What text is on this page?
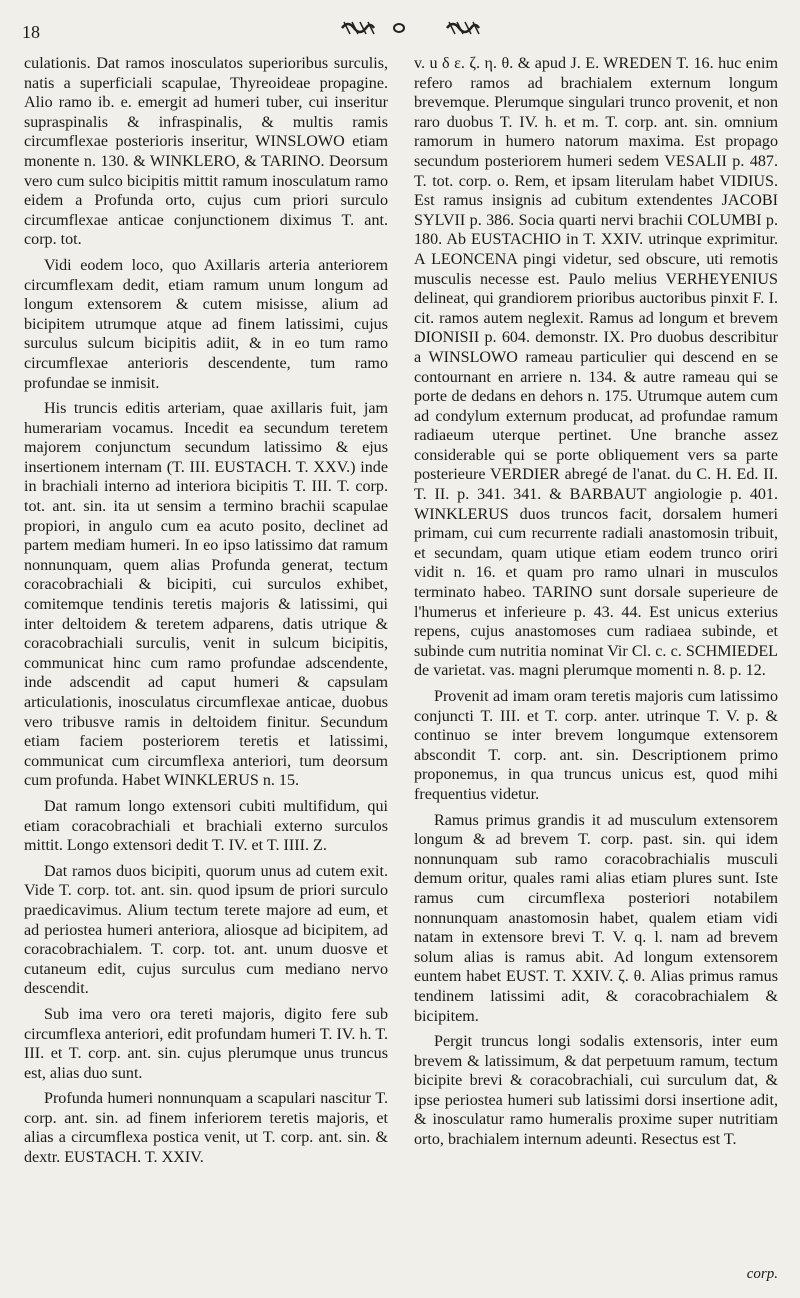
18

culationis. Dat ramos inosculatos superioribus surculis, natis a superficiali scapulae, Thyreoideae propagine. Alio ramo ib. e. emergit ad humeri tuber, cui inseritur supraspinalis & infraspinalis, & multis ramis circumflexae posterioris inseritur, WINSLOWO etiam monente n. 130. & WINKLERO, & TARINO. Deorsum vero cum sulco bicipitis mittit ramum inosculatum ramo eidem a Profunda orto, cujus cum priori surculo circumflexae anticae conjunctionem diximus T. ant. corp. tot.

Vidi eodem loco, quo Axillaris arteria anteriorem circumflexam dedit, etiam ramum unum longum ad longum extensorem & cutem misisse, alium ad bicipitem utrumque atque ad finem latissimi, cujus surculus sulcum bicipitis adiit, & in eo tum ramo circumflexae anterioris descendente, tum ramo profundae se inmisit.

His truncis editis arteriam, quae axillaris fuit, jam humerariam vocamus. Incedit ea secundum teretem majorem conjunctum secundum latissimo & ejus insertionem internam (T. III. EUSTACH. T. XXV.) inde in brachiali interno ad interiora bicipitis T. III. T. corp. tot. ant. sin. ita ut sensim a termino brachii scapulae propiori, in angulo cum ea acuto posito, declinet ad partem mediam humeri. In eo ipso latissimo dat ramum nonnunquam, quem alias Profunda generat, tectum coracobrachiali & bicipiti, cui surculos exhibet, comitemque tendinis teretis majoris & latissimi, qui inter deltoidem & teretem adparens, datis utrique & coracobrachiali surculis, venit in sulcum bicipitis, communicat hinc cum ramo profundae adscendente, inde adscendit ad caput humeri & capsulam articulationis, inosculatus circumflexae anticae, duobus vero tribusve ramis in deltoidem finitur. Secundum etiam faciem posteriorem teretis et latissimi, communicat cum circumflexa anteriori, tum deorsum cum profunda. Habet WINKLERUS n. 15.

Dat ramum longo extensori cubiti multifidum, qui etiam coracobrachiali et brachiali externo surculos mittit. Longo extensori dedit T. IV. et T. IIII. Z.

Dat ramos duos bicipiti, quorum unus ad cutem exit. Vide T. corp. tot. ant. sin. quod ipsum de priori surculo praedicavimus. Alium tectum terete majore ad eum, et ad periostea humeri anteriora, aliosque ad bicipitem, ad coracobrachialem. T. corp. tot. ant. unum duosve et cutaneum edit, cujus surculus cum mediano nervo descendit.

Sub ima vero ora tereti majoris, digito fere sub circumflexa anteriori, edit profundam humeri T. IV. h. T. III. et T. corp. ant. sin. cujus plerumque unus truncus est, alias duo sunt.

Profunda humeri nonnunquam a scapulari nascitur T. corp. ant. sin. ad finem inferiorem teretis majoris, et alias a circumflexa postica venit, ut T. corp. ant. sin. & dextr. EUSTACH. T. XXIV.

v. u δ ε. ζ. η. θ. & apud J. E. WREDEN T. 16. huc enim refero ramos ad brachialem externum longum brevemque. Plerumque singulari trunco provenit, et non raro duobus T. IV. h. et m. T. corp. ant. sin. omnium ramorum in humero natorum maxima. Est propago secundum posteriorem humeri sedem VESALII p. 487. T. tot. corp. o. Rem, et ipsam literulam habet VIDIUS. Est ramus insignis ad cubitum extendentes JACOBI SYLVII p. 386. Socia quarti nervi brachii COLUMBI p. 180. Ab EUSTACHIO in T. XXIV. utrinque exprimitur. A LEONCENA pingi videtur, sed obscure, uti remotis musculis necesse est. Paulo melius VERHEYENIUS delineat, qui grandiorem prioribus auctoribus pinxit F. I. cit. ramos autem neglexit. Ramus ad longum et brevem DIONISII p. 604. demonstr. IX. Pro duobus describitur a WINSLOWO rameau particulier qui descend en se contournant en arriere n. 134. & autre rameau qui se porte de dedans en dehors n. 175. Utrumque autem cum ad condylum externum producat, ad profundae ramum radiaeum uterque pertinet. Une branche assez considerable qui se porte obliquement vers sa parte posterieure VERDIER abregé de l'anat. du C. H. Ed. II. T. II. p. 341. 341. & BARBAUT angiologie p. 401. WINKLERUS duos truncos facit, dorsalem humeri primam, cui cum recurrente radiali anastomosin tribuit, et secundam, quam utique etiam eodem trunco oriri vidit n. 16. et quam pro ramo ulnari in musculos terminato habeo. TARINO sunt dorsale superieure de l'humerus et inferieure p. 43. 44. Est unicus exterius repens, cujus anastomoses cum radiaea subinde, et subinde cum nutritia nominat Vir Cl. c. c. SCHMIEDEL de varietat. vas. magni plerumque momenti n. 8. p. 12.

Provenit ad imam oram teretis majoris cum latissimo conjuncti T. III. et T. corp. anter. utrinque T. V. p. & continuo se inter brevem longumque extensorem abscondit T. corp. ant. sin. Descriptionem primo proponemus, in qua truncus unicus est, quod mihi frequentius videtur.

Ramus primus grandis it ad musculum extensorem longum & ad brevem T. corp. past. sin. qui idem nonnunquam sub ramo coracobrachialis musculi demum oritur, quales rami alias etiam plures sunt. Iste ramus cum circumflexa posteriori notabilem nonnunquam anastomosin habet, qualem etiam vidi natam in extensore brevi T. V. q. l. nam ad brevem solum alias is ramus abit. Ad longum extensorem euntem habet EUST. T. XXIV. ζ. θ. Alias primus ramus tendinem latissimi adit, & coracobrachialem & bicipitem.

Pergit truncus longi sodalis extensoris, inter eum brevem & latissimum, & dat perpetuum ramum, tectum bicipite brevi & coracobrachiali, cui surculum dat, & ipse periostea humeri sub latissimi dorsi insertione adit, & inosculatur ramo humeralis proxime super nutritiam orto, brachialem internum adeunti. Resectus est T.

corp.
